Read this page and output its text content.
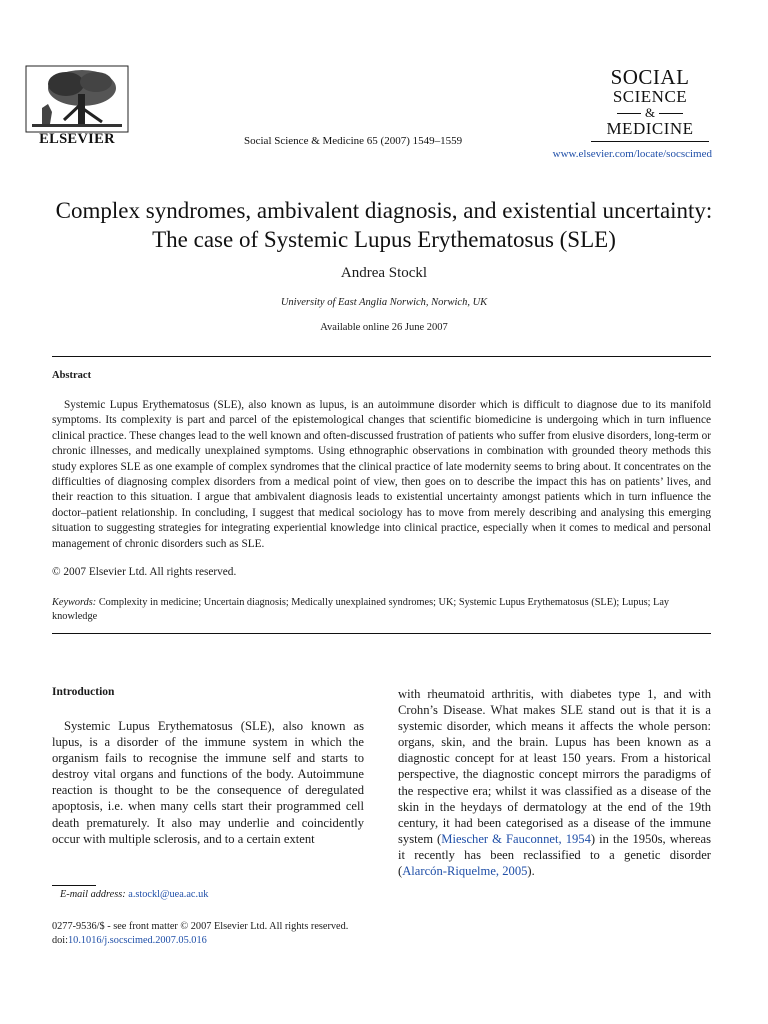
ELSEVIER	Social Science & Medicine 65 (2007) 1549–1559
SOCIAL
SCIENCE
&
MEDICINE
www.elsevier.com/locate/socscimed
Complex syndromes, ambivalent diagnosis, and existential uncertainty: The case of Systemic Lupus Erythematosus (SLE)
Andrea Stockl
University of East Anglia Norwich, Norwich, UK
Available online 26 June 2007
Abstract
Systemic Lupus Erythematosus (SLE), also known as lupus, is an autoimmune disorder which is difficult to diagnose due to its manifold symptoms. Its complexity is part and parcel of the epistemological changes that scientific biomedicine is undergoing which in turn influence clinical practice. These changes lead to the well known and often-discussed frustration of patients who suffer from elusive disorders, long-term or chronic illnesses, and medically unexplained symptoms. Using ethnographic observations in combination with grounded theory methods this study explores SLE as one example of complex syndromes that the clinical practice of late modernity seems to bring about. It concentrates on the difficulties of diagnosing complex disorders from a medical point of view, then goes on to describe the impact this has on patients’ lives, and their reaction to this situation. I argue that ambivalent diagnosis leads to existential uncertainty amongst patients which in turn influence the doctor–patient relationship. In concluding, I suggest that medical sociology has to move from merely describing and analysing this emerging situation to suggesting strategies for integrating experiential knowledge into clinical practice, especially when it comes to medical and personal management of chronic disorders such as SLE.
© 2007 Elsevier Ltd. All rights reserved.
Keywords: Complexity in medicine; Uncertain diagnosis; Medically unexplained syndromes; UK; Systemic Lupus Erythematosus (SLE); Lupus; Lay knowledge
Introduction

Systemic Lupus Erythematosus (SLE), also known as lupus, is a disorder of the immune system in which the organism fails to recognise the immune self and starts to destroy vital organs and functions of the body. Autoimmune reaction is thought to be the consequence of deregulated apoptosis, i.e. when many cells start their programmed cell death prematurely. It also may underlie and coincidently occur with multiple sclerosis, and to a certain extent

with rheumatoid arthritis, with diabetes type 1, and with Crohn’s Disease. What makes SLE stand out is that it is a systemic disorder, which means it affects the whole person: organs, skin, and the brain. Lupus has been known as a diagnostic concept for at least 150 years. From a historical perspective, the diagnostic concept mirrors the paradigms of the respective era; whilst it was classified as a disease of the skin in the heydays of dermatology at the end of the 19th century, it had been categorised as a disease of the immune system (Miescher & Fauconnet, 1954) in the 1950s, whereas it recently has been reclassified to a genetic disorder (Alarcón-Riquelme, 2005).

E-mail address: a.stockl@uea.ac.uk
0277-9536/$ - see front matter © 2007 Elsevier Ltd. All rights reserved.
doi:10.1016/j.socscimed.2007.05.016
